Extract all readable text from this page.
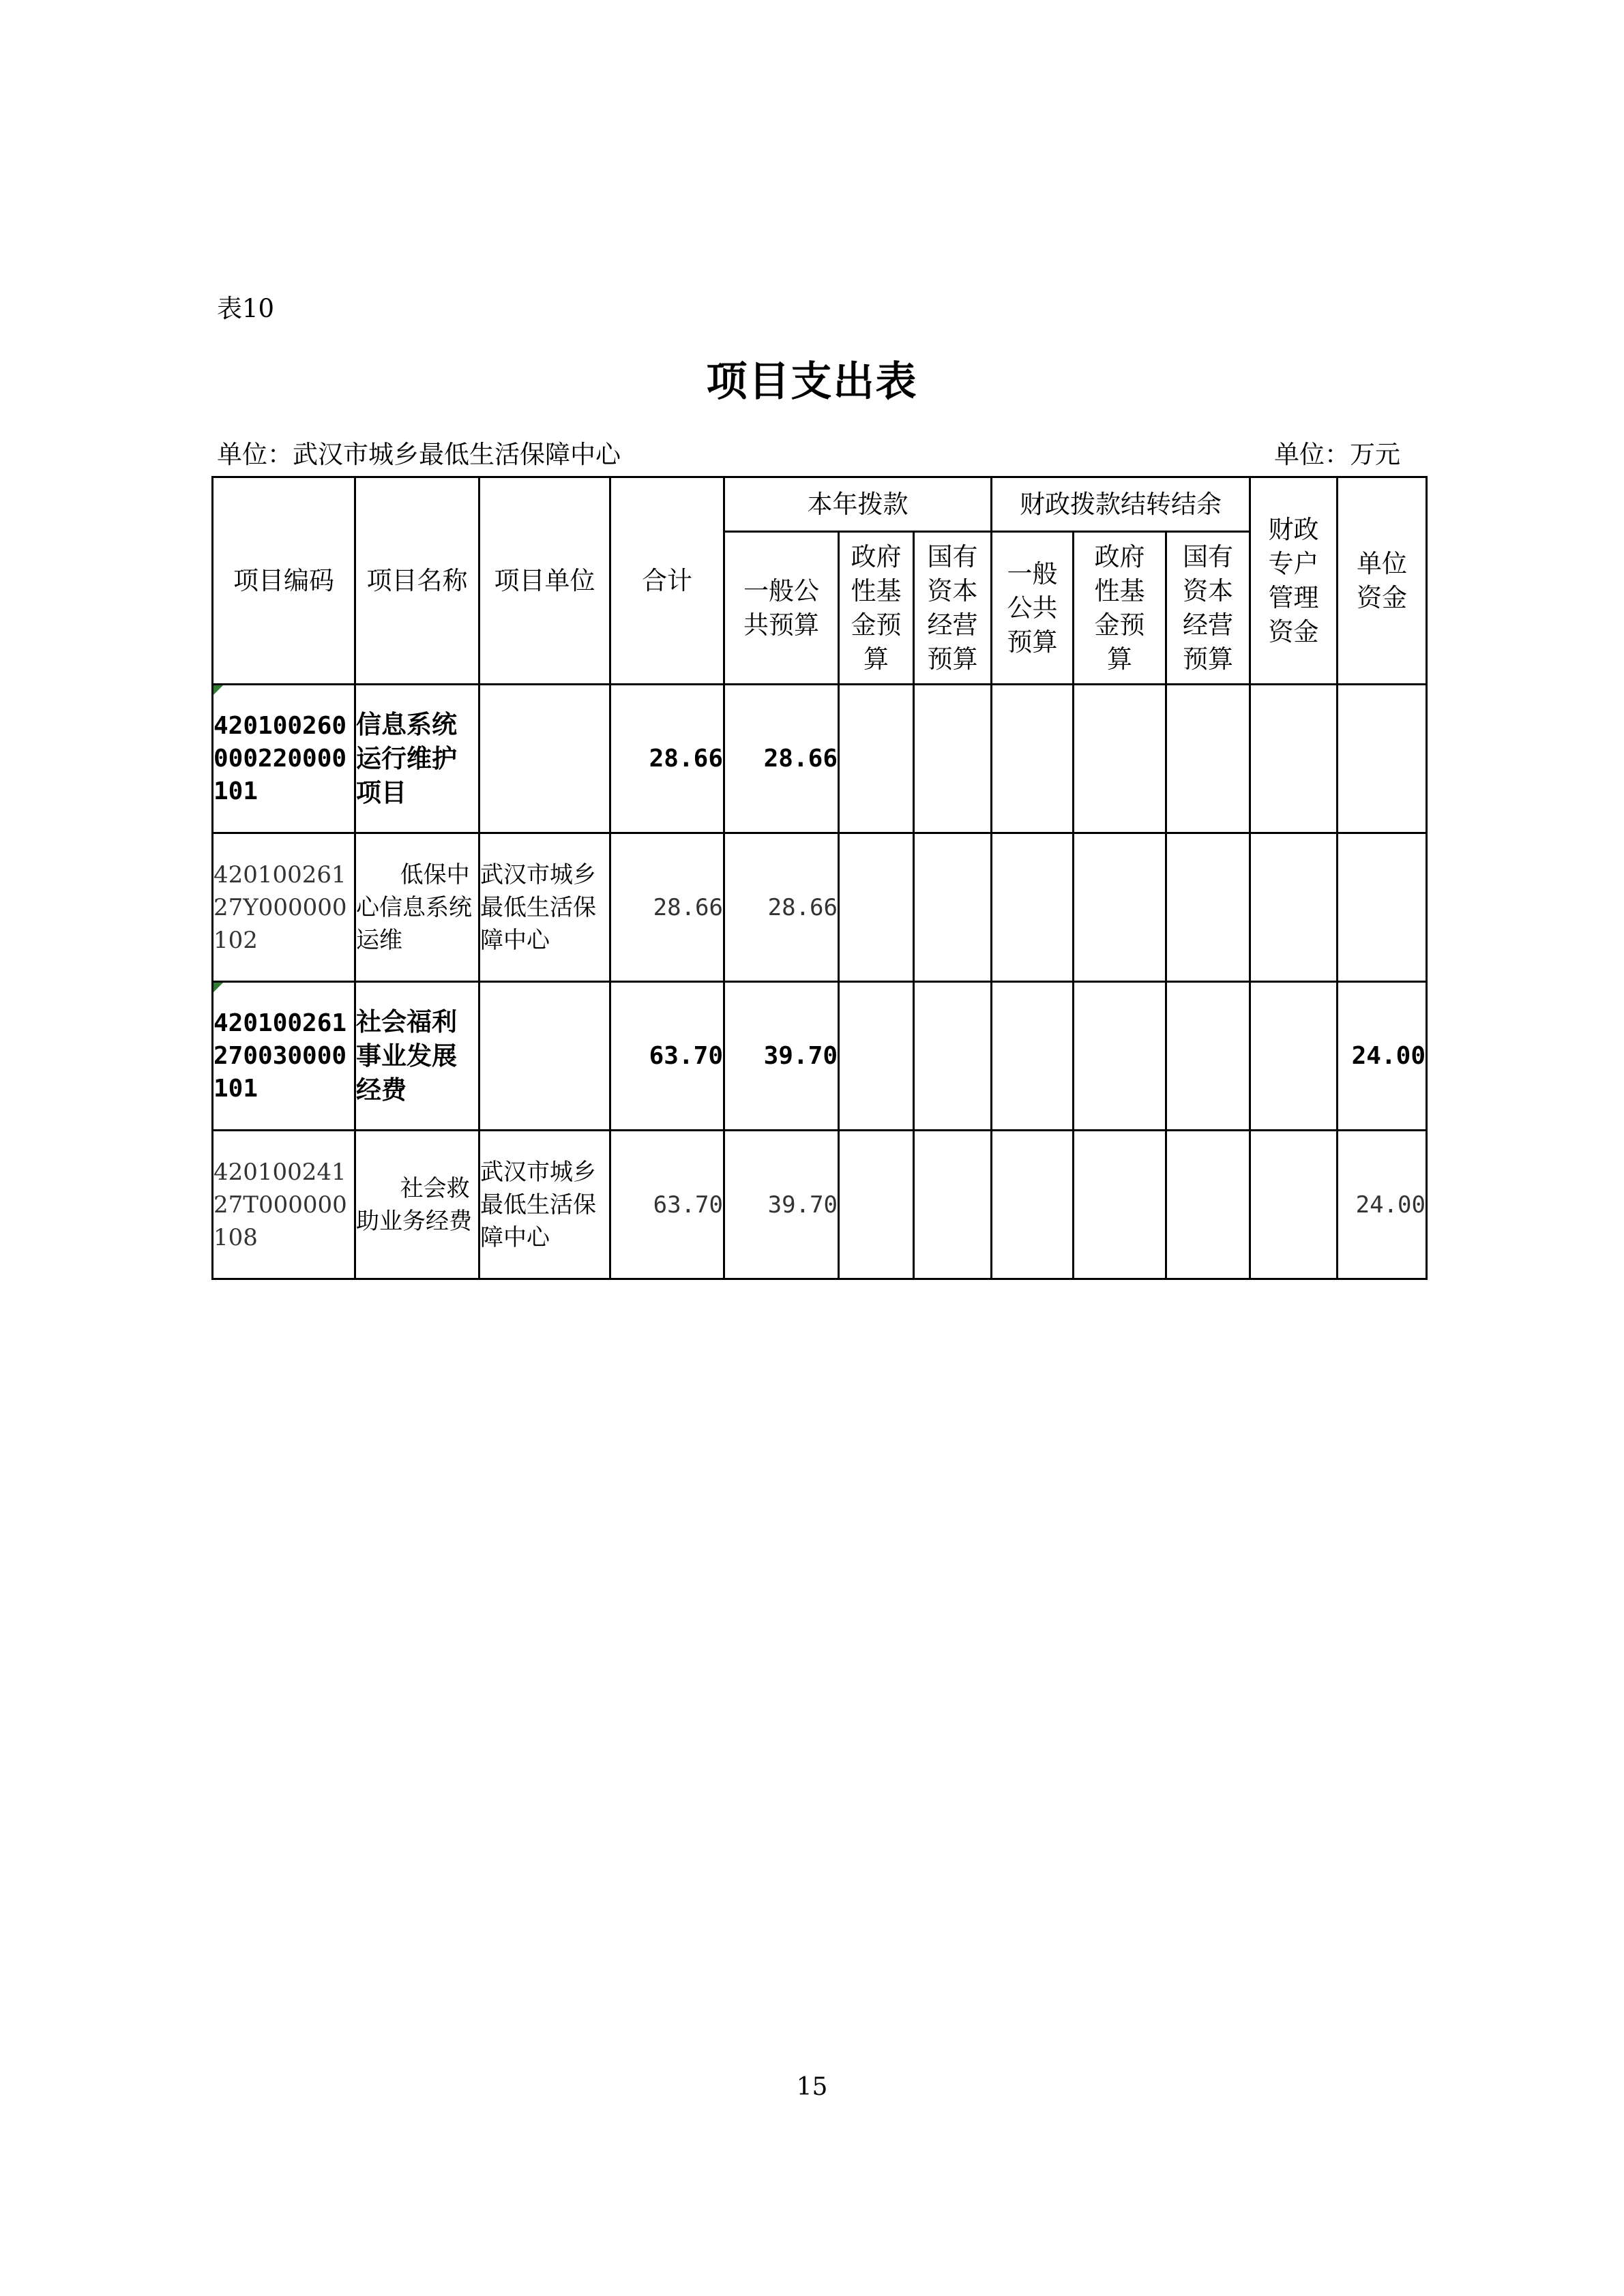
表10
项目支出表
单位：武汉市城乡最低生活保障中心	单位：万元
项目编码	项目名称	项目单位	合计	本年拨款			财政拨款结转结余			财政专户管理资金	单位资金
				一般公共预算	政府性基金预算	国有资本经营预算	一般公共预算	政府性基金预算	国有资本经营预算		

420100260000220000101	信息系统运行维护项目		28.66	28.66							
42010026127Y000000102	低保中心信息系统运维	武汉市城乡最低生活保障中心	28.66	28.66							

420100261270030000101	社会福利事业发展经费		63.70	39.70							24.00
42010024127T000000108	社会救助业务经费	武汉市城乡最低生活保障中心	63.70	39.70							24.00
15
